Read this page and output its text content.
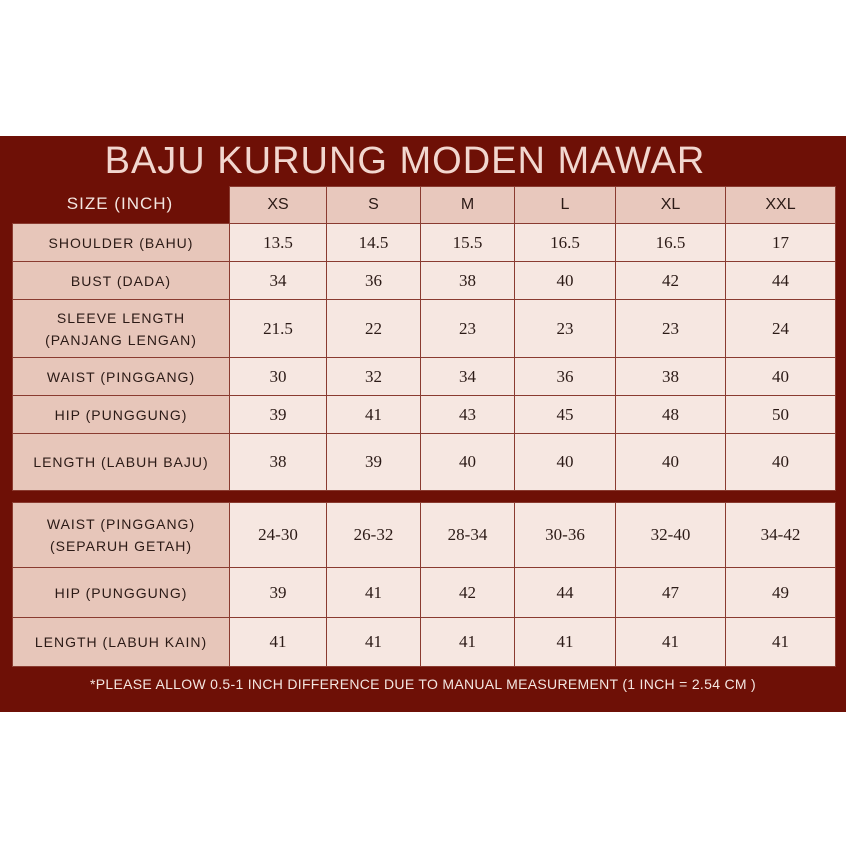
BAJU KURUNG MODEN MAWAR
SIZE (INCH)
		XS	S	M	L	XL	XXL
SHOULDER (BAHU)	13.5	14.5	15.5	16.5	16.5	17
BUST (DADA)	34	36	38	40	42	44
SLEEVE LENGTH
(PANJANG LENGAN)	21.5	22	23	23	23	24
WAIST (PINGGANG)	30	32	34	36	38	40
HIP (PUNGGUNG)	39	41	43	45	48	50
LENGTH (LABUH BAJU)	38	39	40	40	40	40
WAIST (PINGGANG)
(SEPARUH GETAH)	24-30	26-32	28-34	30-36	32-40	34-42
HIP (PUNGGUNG)	39	41	42	44	47	49
LENGTH (LABUH KAIN)	41	41	41	41	41	41
*PLEASE ALLOW 0.5-1 INCH DIFFERENCE DUE TO MANUAL MEASUREMENT (1 INCH = 2.54 CM )
